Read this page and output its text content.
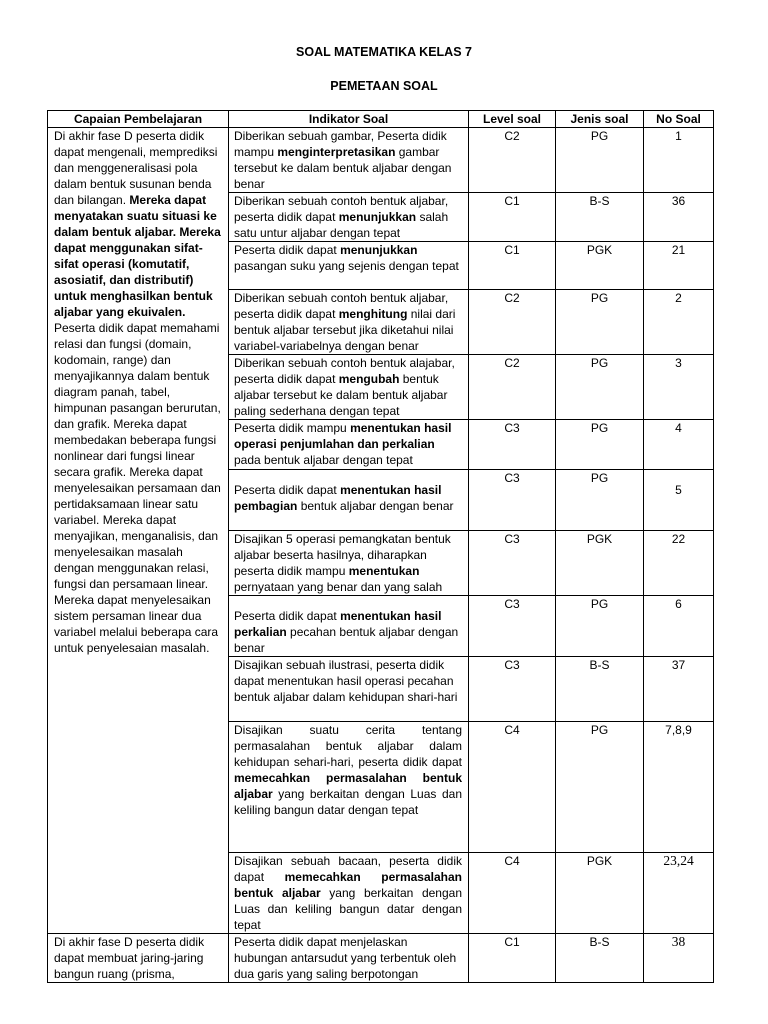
SOAL MATEMATIKA KELAS 7
PEMETAAN SOAL
Capaian Pembelajaran	Indikator Soal	Level soal	Jenis soal	No Soal
Di akhir fase D peserta didik dapat mengenali, memprediksi dan menggeneralisasi pola dalam bentuk susunan benda dan bilangan. Mereka dapat menyatakan suatu situasi ke dalam bentuk aljabar. Mereka dapat menggunakan sifat-sifat operasi (komutatif, asosiatif, dan distributif) untuk menghasilkan bentuk aljabar yang ekuivalen. Peserta didik dapat memahami relasi dan fungsi (domain, kodomain, range) dan menyajikannya dalam bentuk diagram panah, tabel, himpunan pasangan berurutan, dan grafik. Mereka dapat membedakan beberapa fungsi nonlinear dari fungsi linear secara grafik. Mereka dapat menyelesaikan persamaan dan pertidaksamaan linear satu variabel. Mereka dapat menyajikan, menganalisis, dan menyelesaikan masalah dengan menggunakan relasi, fungsi dan persamaan linear. Mereka dapat menyelesaikan sistem persaman linear dua variabel melalui beberapa cara untuk penyelesaian masalah.	Diberikan sebuah gambar, Peserta didik mampu menginterpretasikan gambar tersebut ke dalam bentuk aljabar dengan benar	C2	PG	1
	Diberikan sebuah contoh bentuk aljabar, peserta didik dapat menunjukkan salah satu untur aljabar dengan tepat	C1	B-S	36
	Peserta didik dapat menunjukkan pasangan suku yang sejenis dengan tepat	C1	PGK	21
	Diberikan sebuah contoh bentuk aljabar, peserta didik dapat menghitung nilai dari bentuk aljabar tersebut jika diketahui nilai variabel-variabelnya dengan benar	C2	PG	2
	Diberikan sebuah contoh bentuk alajabar, peserta didik dapat mengubah bentuk aljabar tersebut ke dalam bentuk aljabar paling sederhana dengan tepat	C2	PG	3
	Peserta didik mampu menentukan hasil operasi penjumlahan dan perkalian pada bentuk aljabar dengan tepat	C3	PG	4
	Peserta didik dapat menentukan hasil pembagian bentuk aljabar dengan benar	C3	PG	5
	Disajikan 5 operasi pemangkatan bentuk aljabar beserta hasilnya, diharapkan peserta didik mampu menentukan pernyataan yang benar dan yang salah	C3	PGK	22
	Peserta didik dapat menentukan hasil perkalian pecahan bentuk aljabar dengan benar	C3	PG	6
	Disajikan sebuah ilustrasi, peserta didik dapat menentukan hasil operasi pecahan bentuk aljabar dalam kehidupan shari-hari	C3	B-S	37
	Disajikan suatu cerita tentang permasalahan bentuk aljabar dalam kehidupan sehari-hari, peserta didik dapat memecahkan permasalahan bentuk aljabar yang berkaitan dengan Luas dan keliling bangun datar dengan tepat	C4	PG	7,8,9
	Disajikan sebuah bacaan, peserta didik dapat memecahkan permasalahan bentuk aljabar yang berkaitan dengan Luas dan keliling bangun datar dengan tepat	C4	PGK	23,24
Di akhir fase D peserta didik dapat membuat jaring-jaring bangun ruang (prisma,	Peserta didik dapat menjelaskan hubungan antarsudut yang terbentuk oleh dua garis yang saling berpotongan	C1	B-S	38
